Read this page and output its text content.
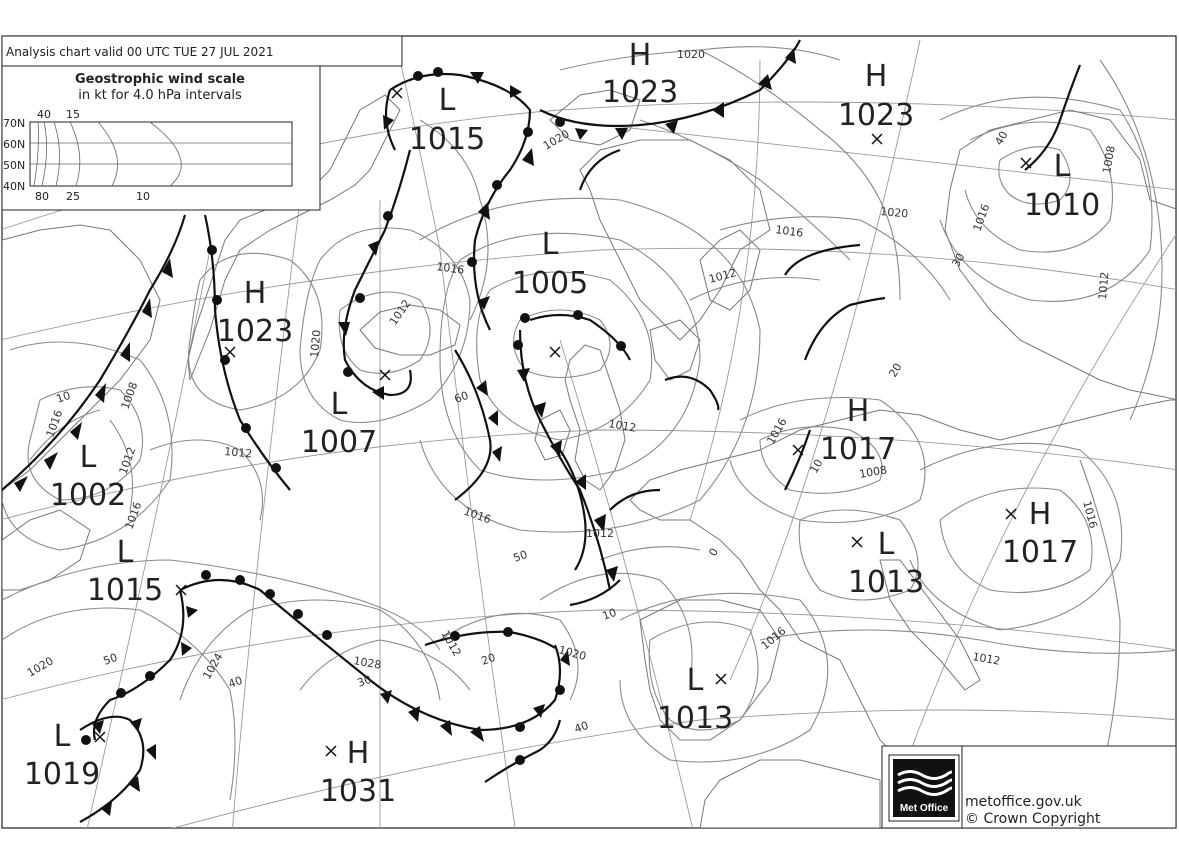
H
1023	H
1023
L
1015
L
1010
L
1005
H
1023
L
1007
L
1002
H
1017
L
1015
H
1017
L
1013
L
1013
L
1019
H
1031
1020
1020
1016
1016	1012
1012
1016
1008
1020
1016
1012
1016
1020
1012
1008
1012	1016
1008
1016
1012
1020	1024	1028
1012	1020	1012
1016
1016
1012
40
30
60
50
20
10
0
10
10
50
40	30
20
40
Analysis chart valid 00 UTC TUE 27 JUL 2021
Geostrophic wind scale
in kt for 4.0 hPa intervals
40 15
80 25	10
70N
60N
50N
40N
Met Office metoffice.gov.uk
© Crown Copyright
